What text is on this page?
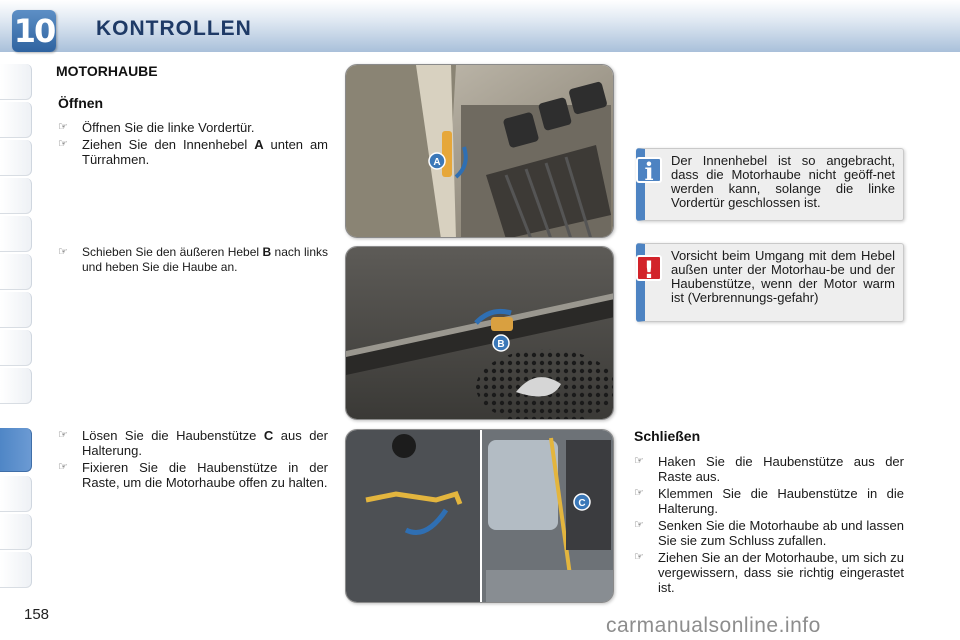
10 KONTROLLEN
MOTORHAUBE
Öffnen
☞ Öffnen Sie die linke Vordertür.
☞ Ziehen Sie den Innenhebel A unten am Türrahmen.
☞ Schieben Sie den äußeren Hebel B nach links und heben Sie die Haube an.
☞ Lösen Sie die Haubenstütze C aus der Halterung.
☞ Fixieren Sie die Haubenstütze in der Raste, um die Motorhaube offen zu halten.
A
B
C
i	Der Innenhebel ist so angebracht, dass die Motorhaube nicht geöff-net werden kann, solange die linke Vordertür geschlossen ist.
!
Vorsicht beim Umgang mit dem Hebel außen unter der Motorhau-be und der Haubenstütze, wenn der Motor warm ist (Verbrennungs-gefahr)
Schließen
☞ Haken Sie die Haubenstütze aus der Raste aus.
☞ Klemmen Sie die Haubenstütze in die Halterung.
☞ Senken Sie die Motorhaube ab und lassen Sie sie zum Schluss zufallen.
☞ Ziehen Sie an der Motorhaube, um sich zu vergewissern, dass sie richtig eingerastet ist.
158	carmanualsonline.info
